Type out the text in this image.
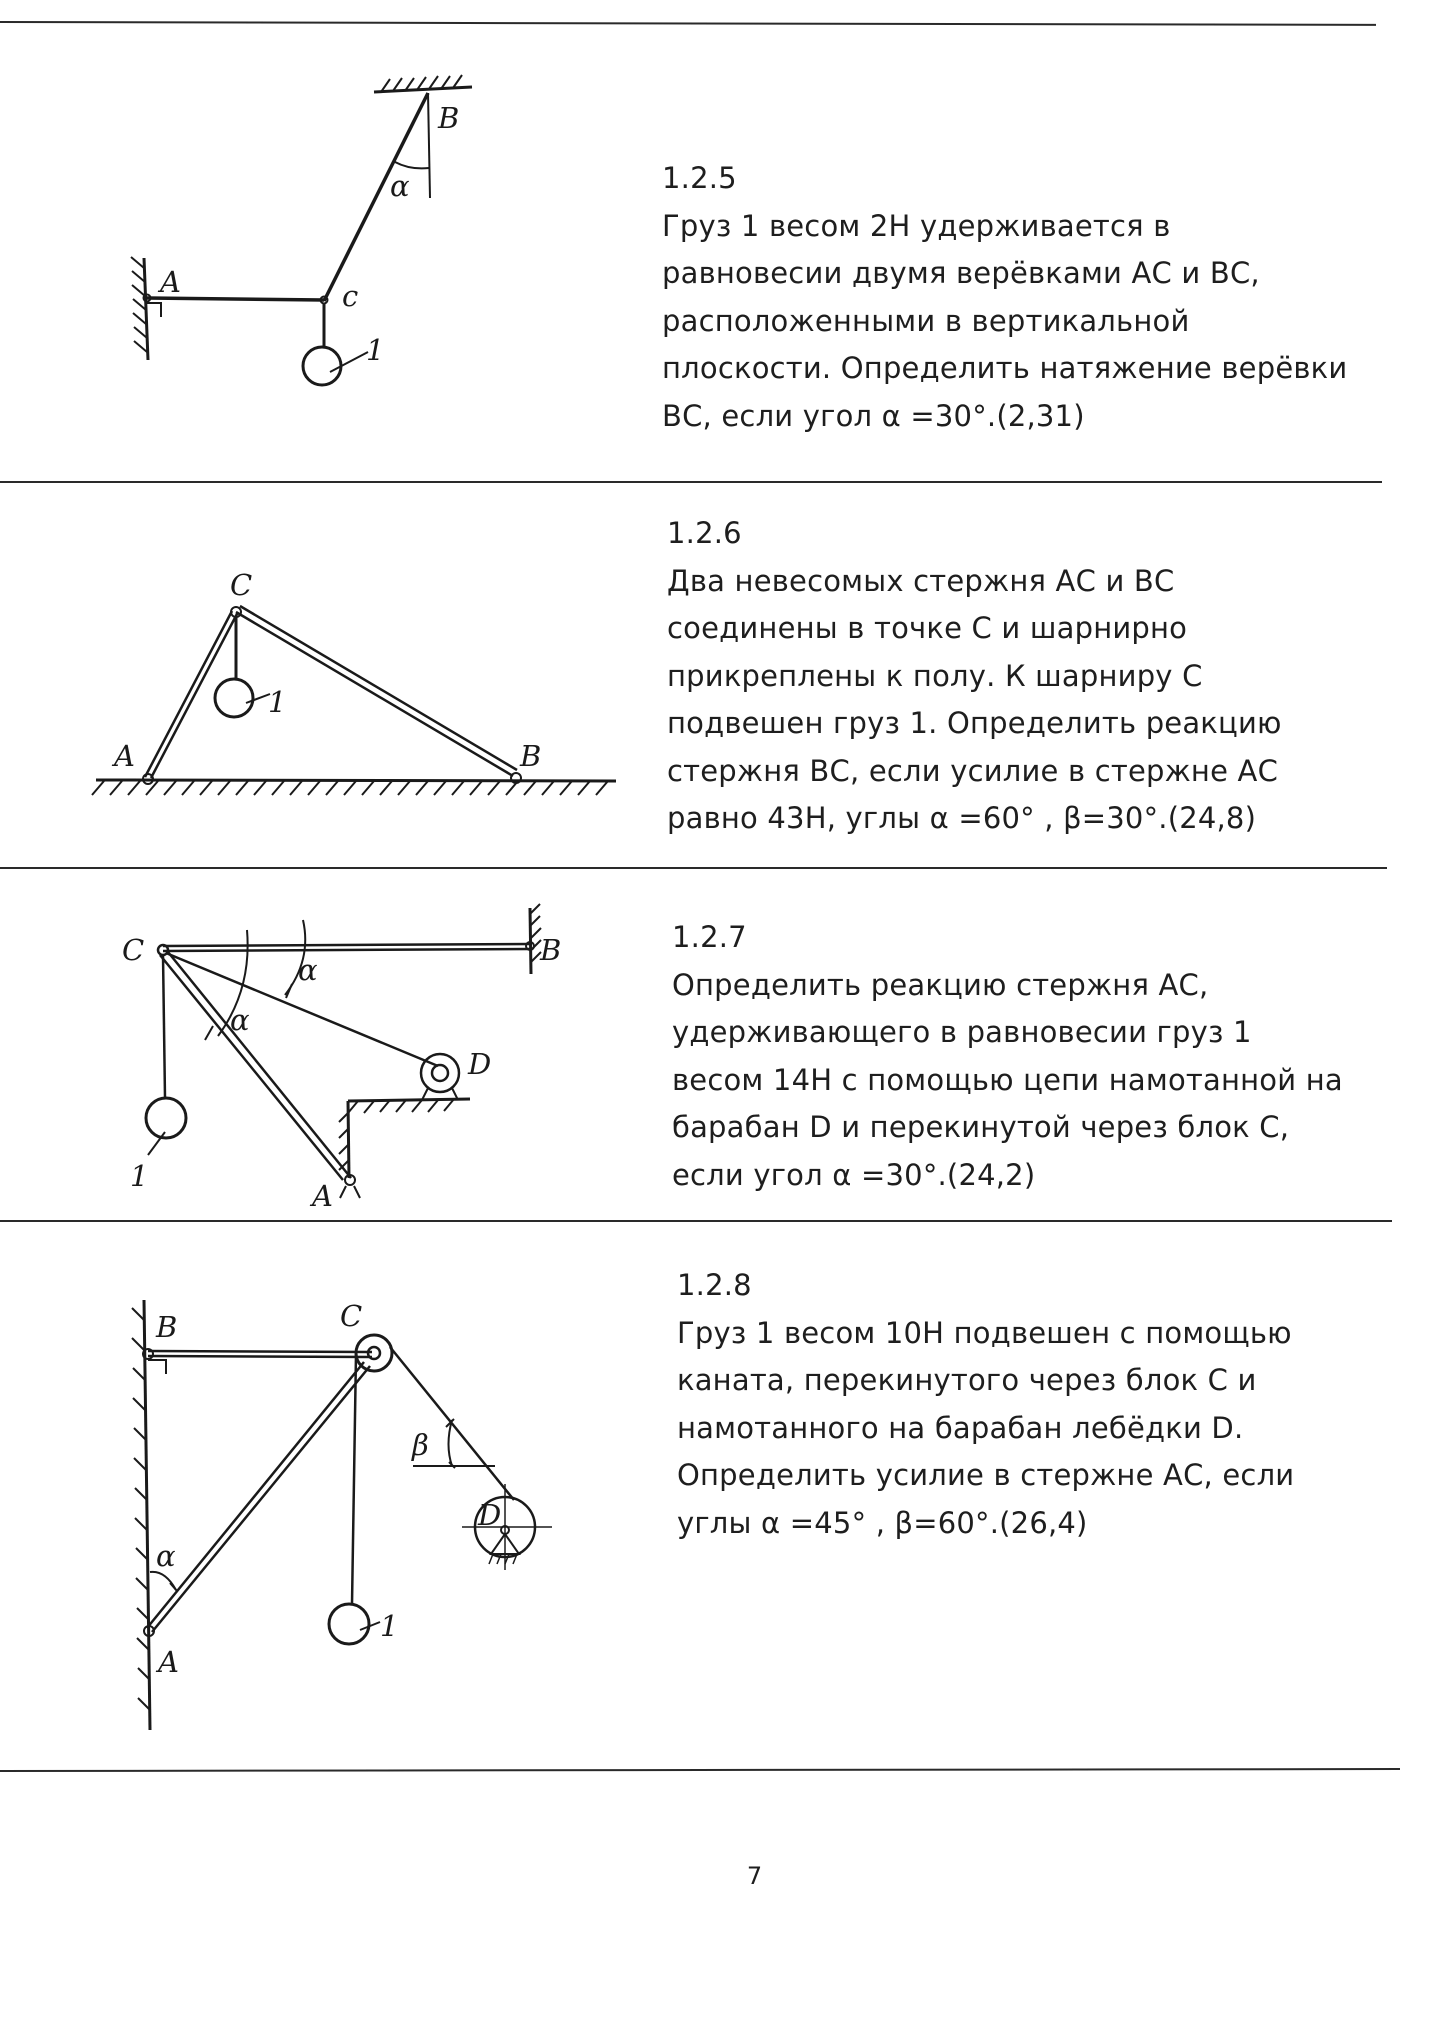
A
B
c
α
1
1.2.5
Груз 1 весом 2Н удерживается в
равновесии двумя верёвками АС и ВС,
расположенными в вертикальной
плоскости. Определить натяжение верёвки
ВС, если угол α =30°.(2,31)
A	B
C
1
1.2.6
Два невесомых стержня АС и ВС
соединены в точке С и шарнирно
прикреплены к полу. К шарниру С
подвешен груз 1. Определить реакцию
стержня ВС, если усилие в стержне АС
равно 43Н, углы α =60° , β=30°.(24,8)
C	B
A
D
α
α
1
1.2.7
Определить реакцию стержня АС,
удерживающего в равновесии груз 1
весом 14Н с помощью цепи намотанной на
барабан D и перекинутой через блок С,
если угол α =30°.(24,2)
B	C
A
D
α
β
1
1.2.8
Груз 1 весом 10Н подвешен с помощью
каната, перекинутого через блок С и
намотанного на барабан лебёдки D.
Определить усилие в стержне АС, если
углы α =45° , β=60°.(26,4)
7
